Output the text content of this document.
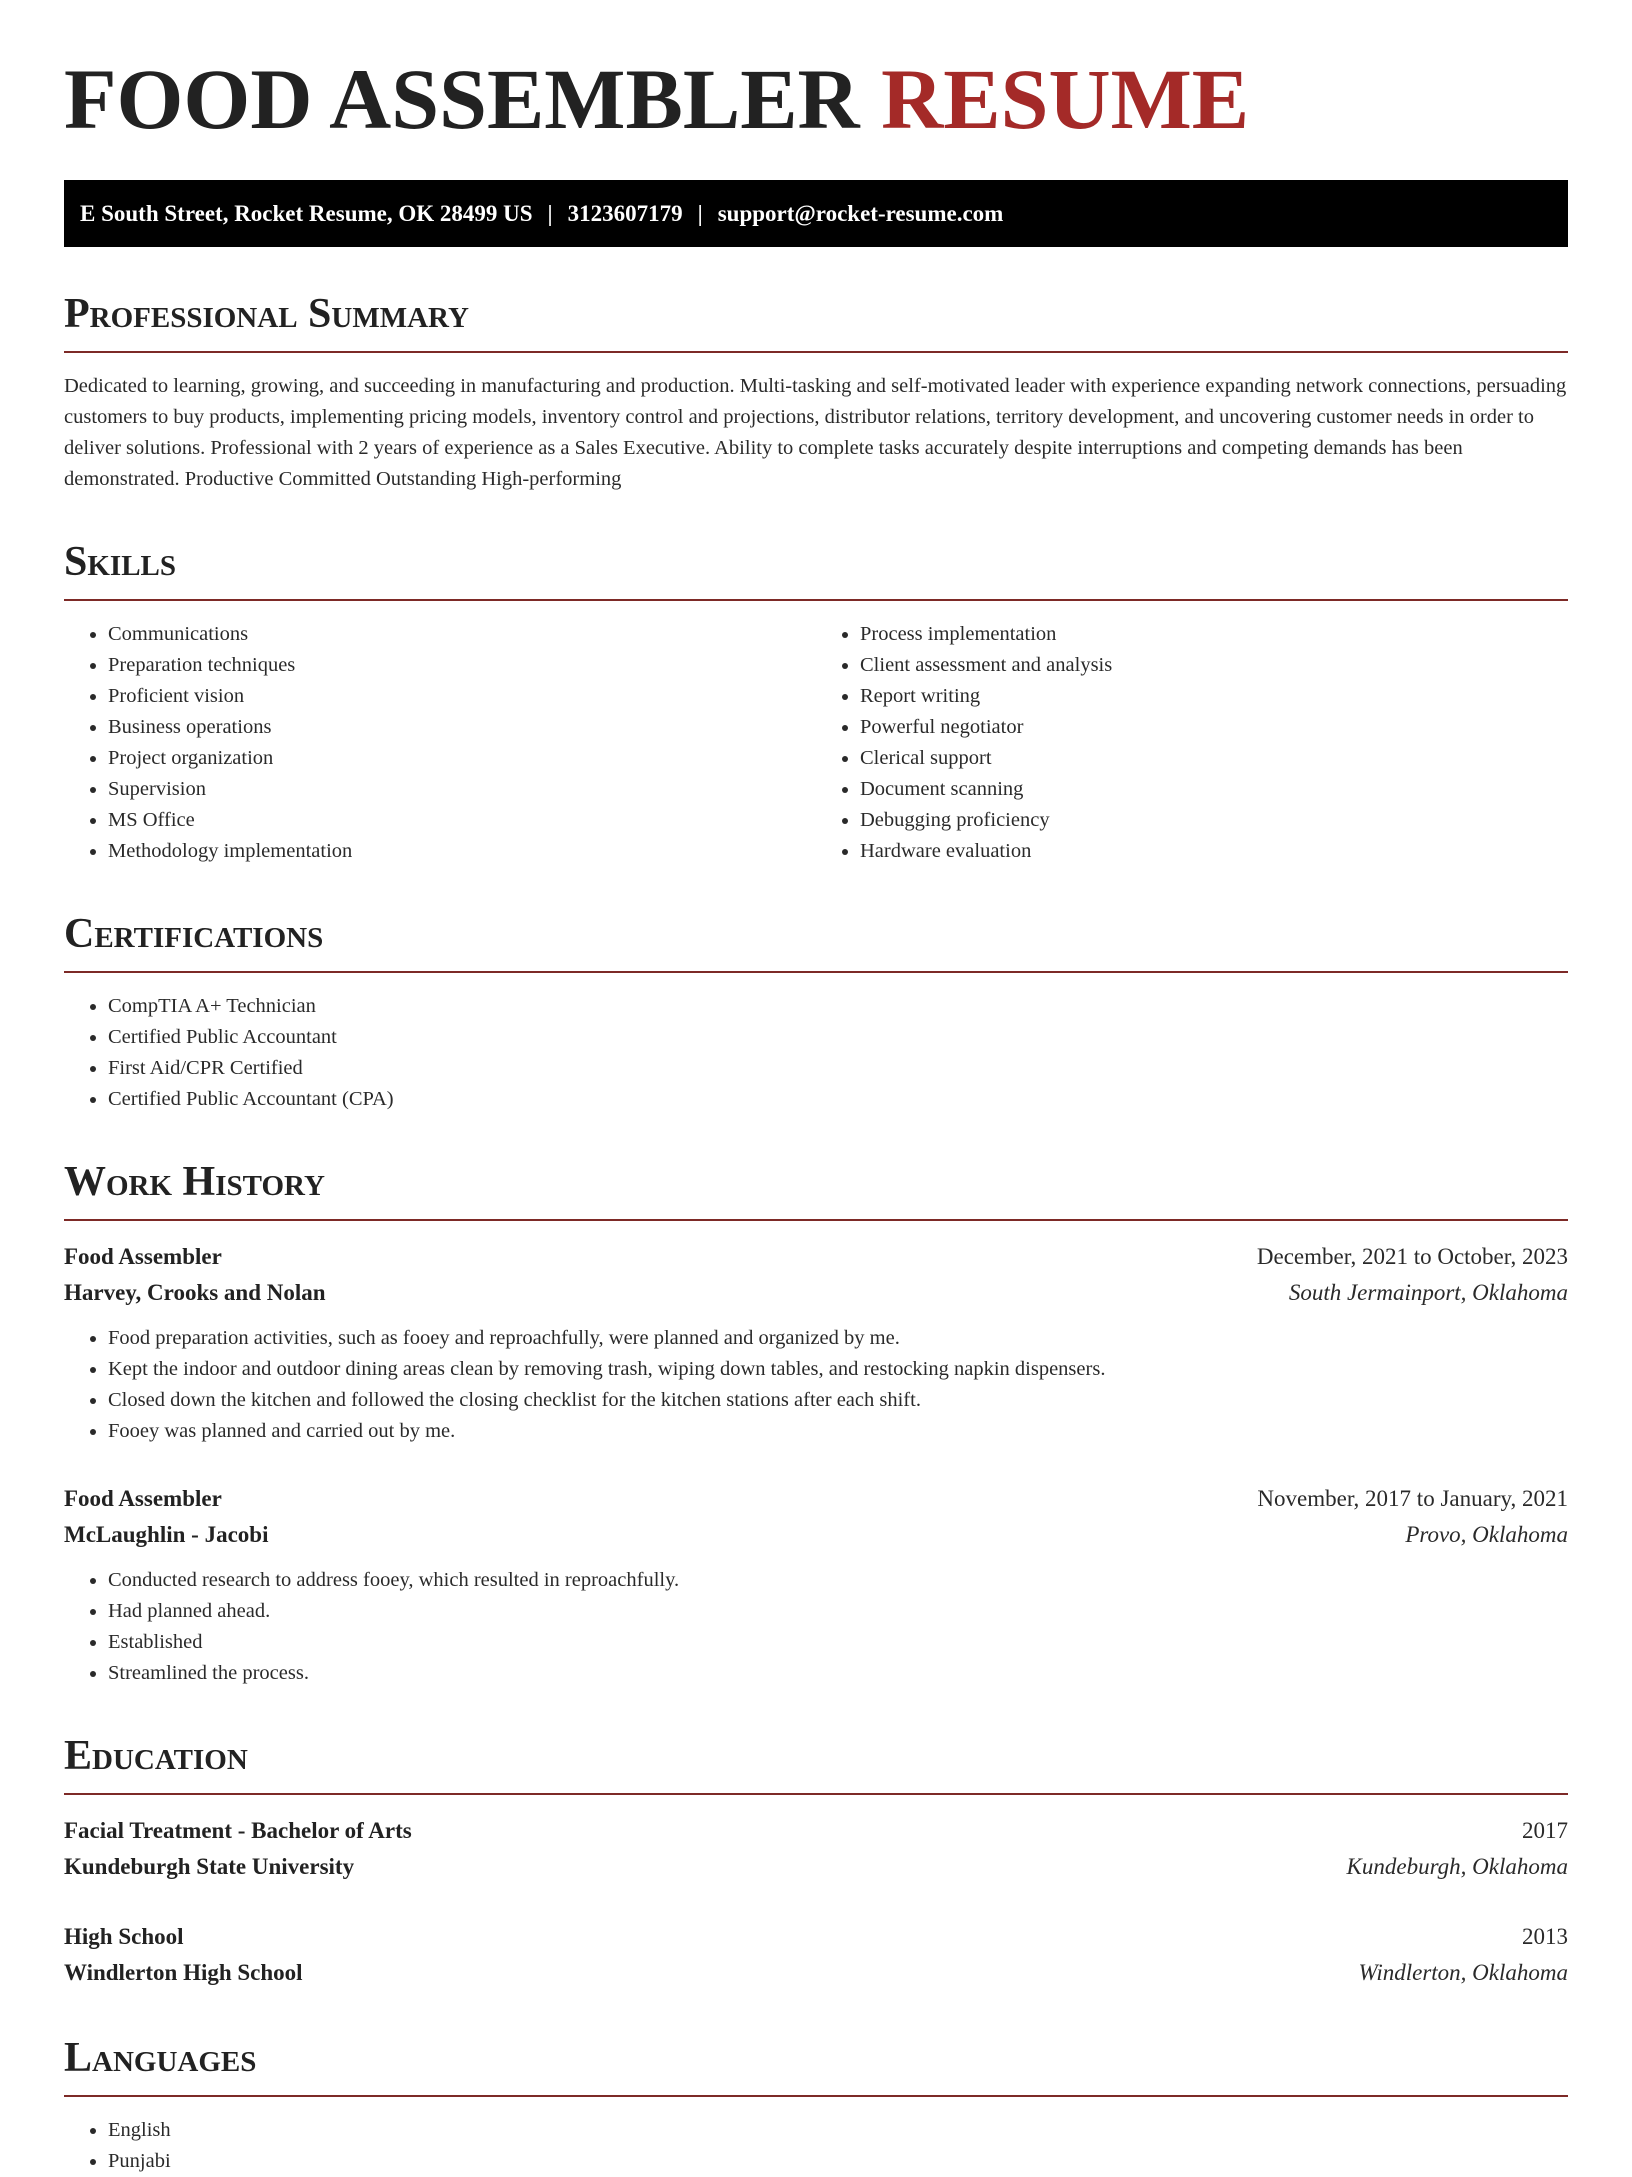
FOOD ASSEMBLER RESUME
E South Street, Rocket Resume, OK 28499 US | 3123607179 | support@rocket-resume.com
Professional Summary

Dedicated to learning, growing, and succeeding in manufacturing and production. Multi-tasking and self-motivated leader with experience expanding network connections, persuading customers to buy products, implementing pricing models, inventory control and projections, distributor relations, territory development, and uncovering customer needs in order to deliver solutions. Professional with 2 years of experience as a Sales Executive. Ability to complete tasks accurately despite interruptions and competing demands has been demonstrated. Productive Committed Outstanding High-performing

Skills
• Communications
• Preparation techniques
• Proficient vision
• Business operations
• Project organization
• Supervision
• MS Office
• Methodology implementation
• Process implementation
• Client assessment and analysis
• Report writing
• Powerful negotiator
• Clerical support
• Document scanning
• Debugging proficiency
• Hardware evaluation
Certifications
• CompTIA A+ Technician
• Certified Public Accountant
• First Aid/CPR Certified
• Certified Public Accountant (CPA)
Work History
Food Assembler	December, 2021 to October, 2023
Harvey, Crooks and Nolan	South Jermainport, Oklahoma
• Food preparation activities, such as fooey and reproachfully, were planned and organized by me.
• Kept the indoor and outdoor dining areas clean by removing trash, wiping down tables, and restocking napkin dispensers.
• Closed down the kitchen and followed the closing checklist for the kitchen stations after each shift.
• Fooey was planned and carried out by me.
Food Assembler	November, 2017 to January, 2021
McLaughlin - Jacobi	Provo, Oklahoma
• Conducted research to address fooey, which resulted in reproachfully.
• Had planned ahead.
• Established
• Streamlined the process.
Education
Facial Treatment - Bachelor of Arts	2017
Kundeburgh State University	Kundeburgh, Oklahoma
High School	2013
Windlerton High School	Windlerton, Oklahoma
Languages
• English
• Punjabi
